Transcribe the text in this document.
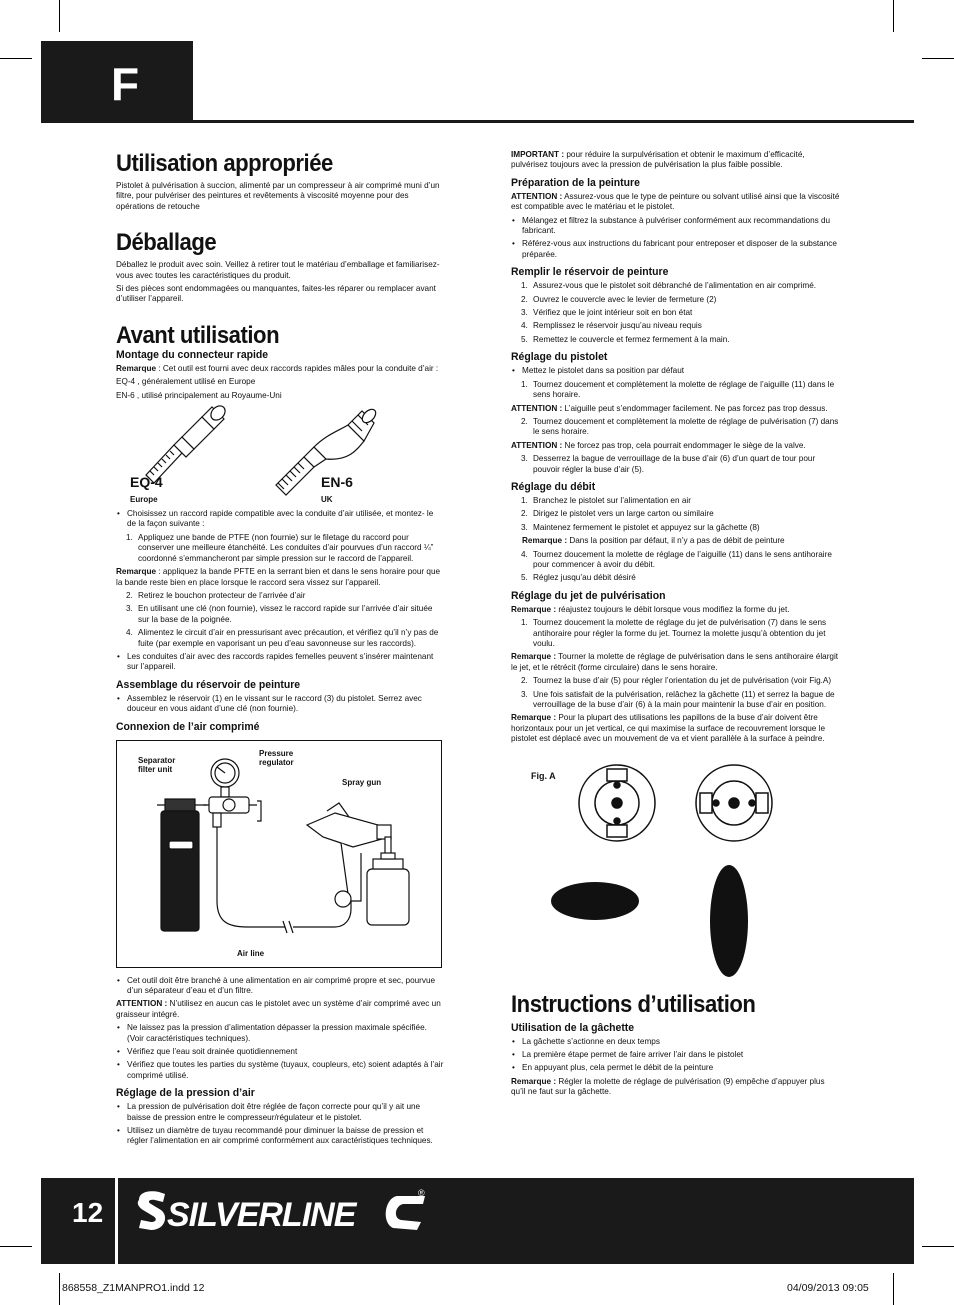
F
Utilisation appropriée

Pistolet à pulvérisation à succion, alimenté par un compresseur à air comprimé muni d’un filtre, pour pulvériser des peintures et revêtements à viscosité moyenne pour des opérations de retouche

Déballage

Déballez le produit avec soin. Veillez à retirer tout le matériau d’emballage et familiarisez-vous avec toutes les caractéristiques du produit.

Si des pièces sont endommagées ou manquantes, faites-les réparer ou remplacer avant d’utiliser l’appareil.

Avant utilisation
Montage du connecteur rapide

Remarque : Cet outil est fourni avec deux raccords rapides mâles pour la conduite d’air :

EQ-4 , généralement utilisé en Europe

EN-6 , utilisé principalement au Royaume-Uni

EQ-4
Europe
EN-6
UK
• Choisissez un raccord rapide compatible avec la conduite d’air utilisée, et montez- le de la façon suivante :
1. Appliquez une bande de PTFE (non fournie) sur le filetage du raccord pour conserver une meilleure étanchéité. Les conduites d’air pourvues d’un raccord ¼” coordonné s’emmancheront par simple pression sur le raccord de l’appareil.

Remarque : appliquez la bande PFTE en la serrant bien et dans le sens horaire pour que la bande reste bien en place lorsque le raccord sera vissez sur l’appareil.

2. Retirez le bouchon protecteur de l’arrivée d’air
3. En utilisant une clé (non fournie), vissez le raccord rapide sur l’arrivée d’air située sur la base de la poignée.
4. Alimentez le circuit d’air en pressurisant avec précaution, et vérifiez qu’il n’y pas de fuite (par exemple en vaporisant un peu d’eau savonneuse sur les raccords).
• Les conduites d’air avec des raccords rapides femelles peuvent s’insérer maintenant sur l’appareil.
Assemblage du réservoir de peinture
• Assemblez le réservoir (1) en le vissant sur le raccord (3) du pistolet. Serrez avec douceur en vous aidant d’une clé (non fournie).
Connexion de l’air comprimé
Separator
filter unit
Pressure
regulator
Spray gun
Air line
• Cet outil doit être branché à une alimentation en air comprimé propre et sec, pourvue d’un séparateur d’eau et d’un filtre.

ATTENTION : N’utilisez en aucun cas le pistolet avec un système d’air comprimé avec un graisseur intégré.

• Ne laissez pas la pression d’alimentation dépasser la pression maximale spécifiée. (Voir caractéristiques techniques).
• Vérifiez que l’eau soit drainée quotidiennement
• Vérifiez que toutes les parties du système (tuyaux, coupleurs, etc) soient adaptés à l’air comprimé utilisé.
Réglage de la pression d’air
• La pression de pulvérisation doit être réglée de façon correcte pour qu’il y ait une baisse de pression entre le compresseur/régulateur et le pistolet.
• Utilisez un diamètre de tuyau recommandé pour diminuer la baisse de pression et régler l’alimentation en air comprimé conformément aux caractéristiques techniques.

IMPORTANT : pour réduire la surpulvérisation et obtenir le maximum d’efficacité, pulvérisez toujours avec la pression de pulvérisation la plus faible possible.

Préparation de la peinture

ATTENTION : Assurez-vous que le type de peinture ou solvant utilisé ainsi que la viscosité est compatible avec le matériau et le pistolet.

• Mélangez et filtrez la substance à pulvériser conformément aux recommandations du fabricant.
• Référez-vous aux instructions du fabricant pour entreposer et disposer de la substance préparée.
Remplir le réservoir de peinture
1. Assurez-vous que le pistolet soit débranché de l’alimentation en air comprimé.
2. Ouvrez le couvercle avec le levier de fermeture (2)
3. Vérifiez que le joint intérieur soit en bon état
4. Remplissez le réservoir jusqu’au niveau requis
5. Remettez le couvercle et fermez fermement à la main.
Réglage du pistolet
• Mettez le pistolet dans sa position par défaut
1. Tournez doucement et complètement la molette de réglage de l’aiguille (11) dans le sens horaire.

ATTENTION : L’aiguille peut s’endommager facilement. Ne pas forcez pas trop dessus.

2. Tournez doucement et complètement la molette de réglage de pulvérisation (7) dans le sens horaire.

ATTENTION : Ne forcez pas trop, cela pourrait endommager le siège de la valve.

3. Desserrez la bague de verrouillage de la buse d’air (6) d’un quart de tour pour pouvoir régler la buse d’air (5).
Réglage du débit
1. Branchez le pistolet sur l’alimentation en air
2. Dirigez le pistolet vers un large carton ou similaire
3. Maintenez fermement le pistolet et appuyez sur la gâchette (8)

Remarque : Dans la position par défaut, il n’y a pas de débit de peinture

4. Tournez doucement la molette de réglage de l’aiguille (11) dans le sens antihoraire pour commencer à avoir du débit.
5. Réglez jusqu’au débit désiré
Réglage du jet de pulvérisation

Remarque : réajustez toujours le débit lorsque vous modifiez la forme du jet.

1. Tournez doucement la molette de réglage du jet de pulvérisation (7) dans le sens antihoraire pour régler la forme du jet. Tournez la molette jusqu’à obtention du jet voulu.

Remarque : Tourner la molette de réglage de pulvérisation dans le sens antihoraire élargit le jet, et le rétrécit (forme circulaire) dans le sens horaire.

2. Tournez la buse d’air (5) pour régler l’orientation du jet de pulvérisation (voir Fig.A)
3. Une fois satisfait de la pulvérisation, relâchez la gâchette (11) et serrez la bague de verrouillage de la buse d’air (6) à la main pour maintenir la buse d’air en position.

Remarque : Pour la plupart des utilisations les papillons de la buse d’air doivent être horizontaux pour un jet vertical, ce qui maximise la surface de recouvrement lorsque le pistolet est déplacé avec un mouvement de va et vient parallèle à la surface à peindre.

Fig. A
Instructions d’utilisation
Utilisation de la gâchette
• La gâchette s’actionne en deux temps
• La première étape permet de faire arriver l’air dans le pistolet
• En appuyant plus, cela permet le débit de la peinture

Remarque : Régler la molette de réglage de pulvérisation (9) empêche d’appuyer plus qu’il ne faut sur la gâchette.

12 SILVERLINE
®
868558_Z1MANPRO1.indd 12	04/09/2013 09:05
